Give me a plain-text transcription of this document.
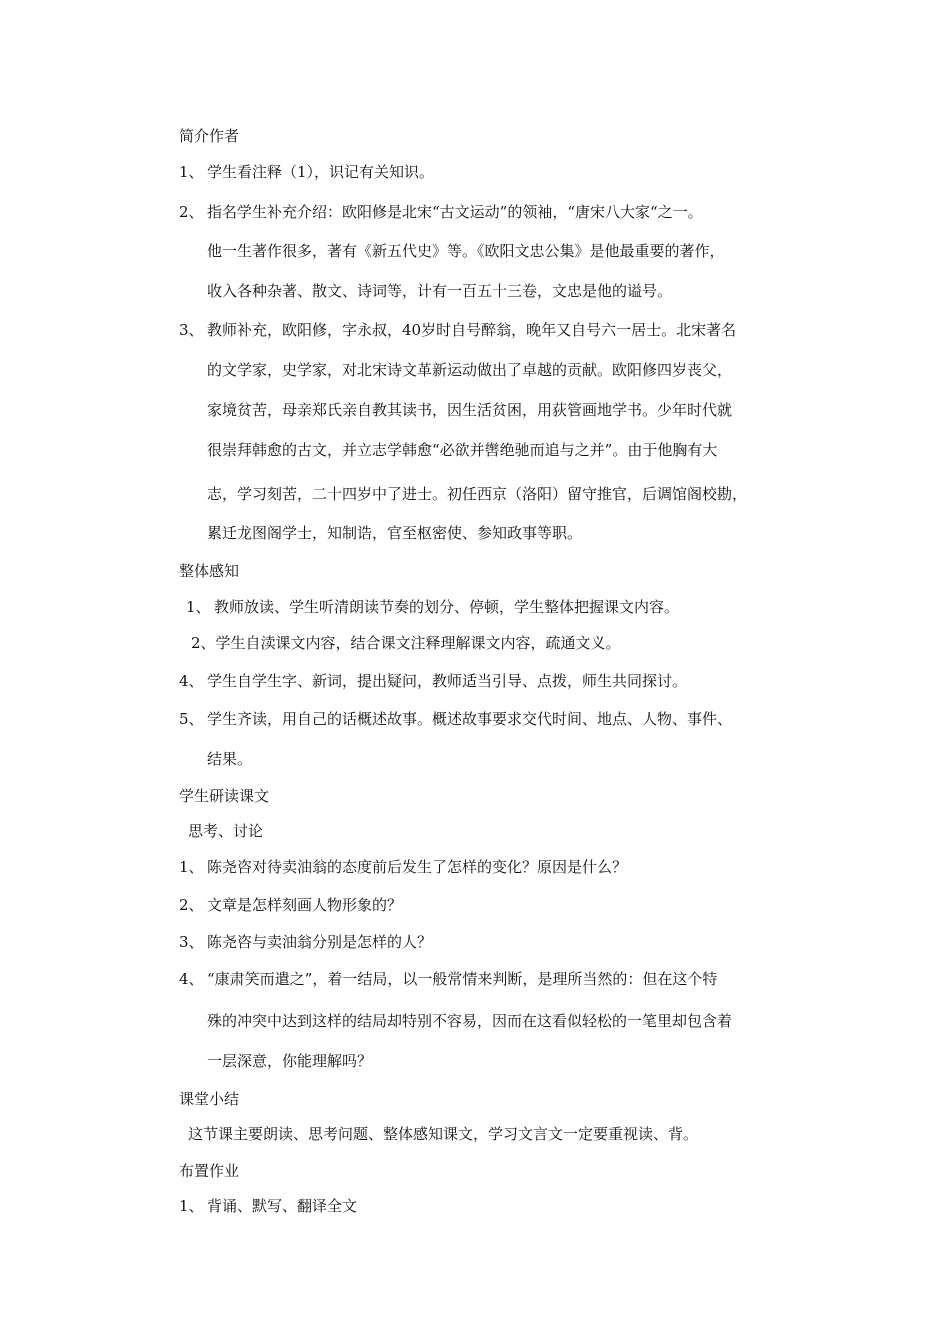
简介作者
1、 学生看注释（1），识记有关知识。
2、 指名学生补充介绍：欧阳修是北宋“古文运动”的领袖，“唐宋八大家“之一。
他一生著作很多，著有《新五代史》等。《欧阳文忠公集》是他最重要的著作，
收入各种杂著、散文、诗词等，计有一百五十三卷，文忠是他的谥号。
3、 教师补充，欧阳修，字永叔，40岁时自号醉翁，晚年又自号六一居士。北宋著名
的文学家，史学家，对北宋诗文革新运动做出了卓越的贡献。欧阳修四岁丧父，
家境贫苦，母亲郑氏亲自教其读书，因生活贫困，用荻管画地学书。少年时代就
很崇拜韩愈的古文，并立志学韩愈“必欲并辔绝驰而追与之并”。由于他胸有大
志，学习刻苦，二十四岁中了进士。初任西京（洛阳）留守推官，后调馆阁校勘，
累迁龙图阁学士，知制诰，官至枢密使、参知政事等职。
整体感知
1、 教师放读、学生听清朗读节奏的划分、停顿，学生整体把握课文内容。
2、学生自渎课文内容，结合课文注释理解课文内容，疏通文义。
4、 学生自学生字、新词，提出疑问，教师适当引导、点拨，师生共同探讨。
5、 学生齐读，用自己的话概述故事。概述故事要求交代时间、地点、人物、事件、
结果。
学生研读课文
思考、讨论
1、 陈尧咨对待卖油翁的态度前后发生了怎样的变化？原因是什么？
2、 文章是怎样刻画人物形象的？
3、 陈尧咨与卖油翁分别是怎样的人？
4、 “康肃笑而遣之”，着一结局，以一般常情来判断，是理所当然的：但在这个特
殊的冲突中达到这样的结局却特别不容易，因而在这看似轻松的一笔里却包含着
一层深意，你能理解吗？
课堂小结
这节课主要朗读、思考问题、整体感知课文，学习文言文一定要重视读、背。
布置作业
1、 背诵、默写、翻译全文
